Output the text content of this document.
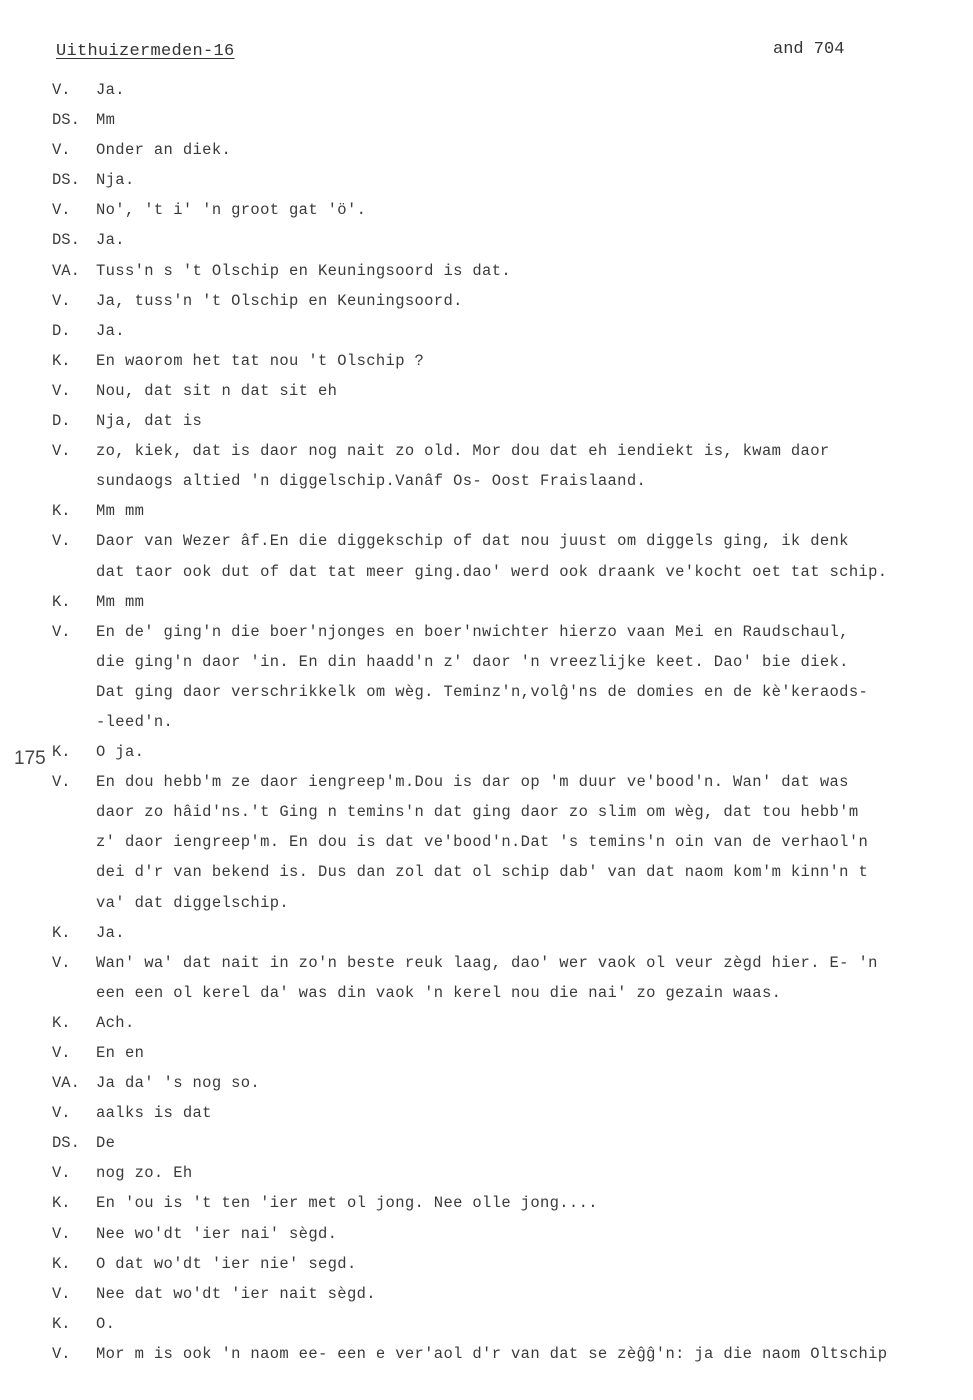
Uithuizermeden-16	and 704
175
V.	Ja.
DS.	Mm
V.	Onder an diek.
DS.	Nja.
V.	No', 't i' 'n groot gat 'ö'.
DS.	Ja.
VA.	Tuss'n s 't Olschip en Keuningsoord is dat.
V.	Ja, tuss'n 't Olschip en Keuningsoord.
D.	Ja.
K.	En waorom het tat nou 't Olschip ?
V.	Nou, dat sit n dat sit eh
D.	Nja, dat is
V.	zo, kiek, dat is daor nog nait zo old. Mor dou dat eh iendiekt is, kwam daor
sundaogs altied 'n diggelschip.Vanâf Os- Oost Fraislaand.
K.	Mm mm
V.	Daor van Wezer âf.En die diggekschip of dat nou juust om diggels ging, ik denk
dat taor ook dut of dat tat meer ging.dao' werd ook draank ve'kocht oet tat schip.
K.	Mm mm
V.	En de' ging'n die boer'njonges en boer'nwichter hierzo vaan Mei en Raudschaul,
die ging'n daor 'in. En din haadd'n z' daor 'n vreezlijke keet. Dao' bie diek.
Dat ging daor verschrikkelk om wèg. Teminz'n,volĝ'ns de domies en de kè'keraods-
-leed'n.
K.	O ja.
V.	En dou hebb'm ze daor iengreep'm.Dou is dar op 'm duur ve'bood'n. Wan' dat was
daor zo hâid'ns.'t Ging n temins'n dat ging daor zo slim om wèg, dat tou hebb'm
z' daor iengreep'm. En dou is dat ve'bood'n.Dat 's temins'n oin van de verhaol'n
dei d'r van bekend is. Dus dan zol dat ol schip dab' van dat naom kom'm kinn'n t
va' dat diggelschip.
K.	Ja.
V.	Wan' wa' dat nait in zo'n beste reuk laag, dao' wer vaok ol veur zègd hier. E- 'n
een een ol kerel da' was din vaok 'n kerel nou die nai' zo gezain waas.
K.	Ach.
V.	En en
VA.	Ja da' 's nog so.
V.	aalks is dat
DS.	De
V.	nog zo. Eh
K.	En 'ou is 't ten 'ier met ol jong. Nee olle jong....
V.	Nee wo'dt 'ier nai' sègd.
K.	O dat wo'dt 'ier nie' segd.
V.	Nee dat wo'dt 'ier nait sègd.
K.	O.
V.	Mor m is ook 'n naom ee- een e ver'aol d'r van dat se zèĝĝ'n: ja die naom Oltschip
